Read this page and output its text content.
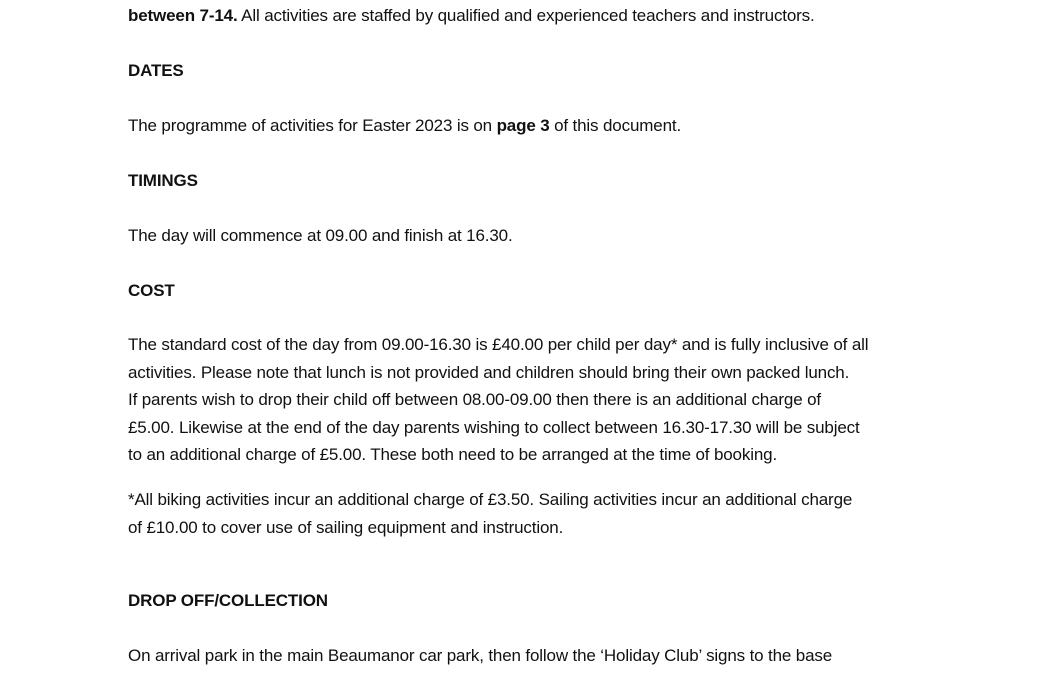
between 7-14. All activities are staffed by qualified and experienced teachers and instructors.
DATES
The programme of activities for Easter 2023 is on page 3 of this document.
TIMINGS
The day will commence at 09.00 and finish at 16.30.
COST
The standard cost of the day from 09.00-16.30 is £40.00 per child per day* and is fully inclusive of all
activities. Please note that lunch is not provided and children should bring their own packed lunch.
If parents wish to drop their child off between 08.00-09.00 then there is an additional charge of
£5.00. Likewise at the end of the day parents wishing to collect between 16.30-17.30 will be subject
to an additional charge of £5.00. These both need to be arranged at the time of booking.
*All biking activities incur an additional charge of £3.50. Sailing activities incur an additional charge
of £10.00 to cover use of sailing equipment and instruction.
DROP OFF/COLLECTION
On arrival park in the main Beaumanor car park, then follow the ‘Holiday Club’ signs to the base
